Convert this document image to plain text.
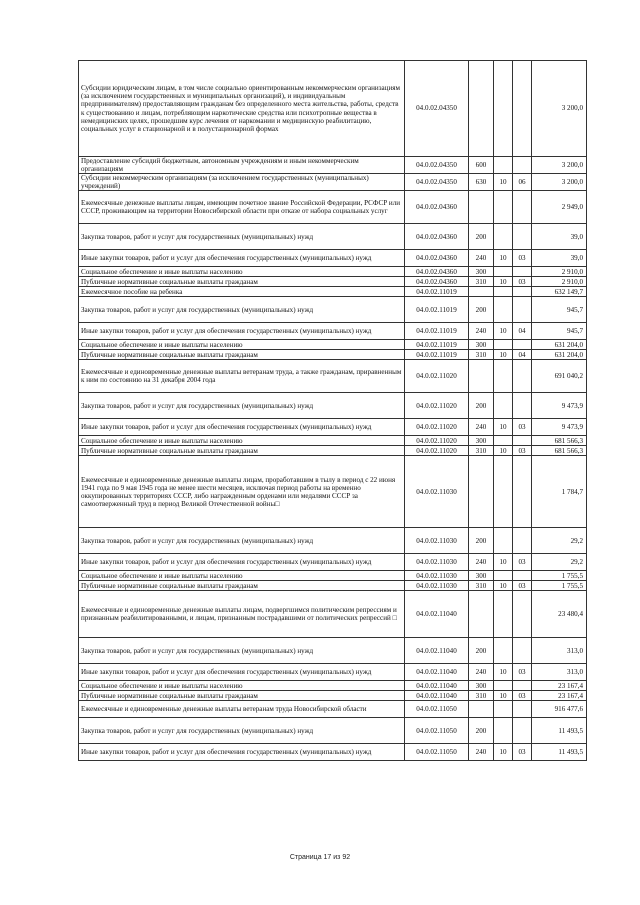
Субсидии юридическим лицам, в том числе социально ориентированным некоммерческим организациям (за исключением государственных и муниципальных организаций), и индивидуальным предпринимателям) предоставляющим гражданам без определенного места жительства, работы, средств к существованию и лицам, потребляющим наркотические средства или психотропные вещества в немедицинских целях, прошедшим курс лечения от наркомании и медицинскую реабилитацию, социальных услуг в стационарной и в полустационарной формах	04.0.02.04350				3 200,0
Предоставление субсидий бюджетным, автономным учреждениям и иным некоммерческим организациям	04.0.02.04350	600			3 200,0
Субсидии некоммерческим организациям (за исключением государственных (муниципальных) учреждений)	04.0.02.04350	630	10	06	3 200,0
Ежемесячные денежные выплаты лицам, имеющим почетное звание Российской Федерации, РСФСР или СССР, проживающим на территории Новосибирской области при отказе от набора социальных услуг	04.0.02.04360				2 949,0
Закупка товаров, работ и услуг для государственных (муниципальных) нужд	04.0.02.04360	200			39,0
Иные закупки товаров, работ и услуг для обеспечения государственных (муниципальных) нужд	04.0.02.04360	240	10	03	39,0
Социальное обеспечение и иные выплаты населению	04.0.02.04360	300			2 910,0
Публичные нормативные социальные выплаты гражданам	04.0.02.04360	310	10	03	2 910,0
Ежемесячное пособие на ребенка	04.0.02.11019				632 149,7
Закупка товаров, работ и услуг для государственных (муниципальных) нужд	04.0.02.11019	200			945,7
Иные закупки товаров, работ и услуг для обеспечения государственных (муниципальных) нужд	04.0.02.11019	240	10	04	945,7
Социальное обеспечение и иные выплаты населению	04.0.02.11019	300			631 204,0
Публичные нормативные социальные выплаты гражданам	04.0.02.11019	310	10	04	631 204,0
Ежемесячные и единовременные денежные выплаты ветеранам труда, а также гражданам, приравненным к ним по состоянию на 31 декабря 2004 года	04.0.02.11020				691 040,2
Закупка товаров, работ и услуг для государственных (муниципальных) нужд	04.0.02.11020	200			9 473,9
Иные закупки товаров, работ и услуг для обеспечения государственных (муниципальных) нужд	04.0.02.11020	240	10	03	9 473,9
Социальное обеспечение и иные выплаты населению	04.0.02.11020	300			681 566,3
Публичные нормативные социальные выплаты гражданам	04.0.02.11020	310	10	03	681 566,3
Ежемесячные и единовременные денежные выплаты лицам, проработавшим в тылу в период с 22 июня 1941 года по 9 мая 1945 года не менее шести месяцев, исключая период работы на временно оккупированных территориях СССР, либо награжденным орденами или медалями СССР за самоотверженный труд в период Великой Отечественной войны□	04.0.02.11030				1 784,7
Закупка товаров, работ и услуг для государственных (муниципальных) нужд	04.0.02.11030	200			29,2
Иные закупки товаров, работ и услуг для обеспечения государственных (муниципальных) нужд	04.0.02.11030	240	10	03	29,2
Социальное обеспечение и иные выплаты населению	04.0.02.11030	300			1 755,5
Публичные нормативные социальные выплаты гражданам	04.0.02.11030	310	10	03	1 755,5
Ежемесячные и единовременные денежные выплаты лицам, подвергшимся политическим репрессиям и признанным реабилитированными, и лицам, признанным пострадавшими от политических репрессий □	04.0.02.11040				23 480,4
Закупка товаров, работ и услуг для государственных (муниципальных) нужд	04.0.02.11040	200			313,0
Иные закупки товаров, работ и услуг для обеспечения государственных (муниципальных) нужд	04.0.02.11040	240	10	03	313,0
Социальное обеспечение и иные выплаты населению	04.0.02.11040	300			23 167,4
Публичные нормативные социальные выплаты гражданам	04.0.02.11040	310	10	03	23 167,4
Ежемесячные и единовременные денежные выплаты ветеранам труда Новосибирской области	04.0.02.11050				916 477,6
Закупка товаров, работ и услуг для государственных (муниципальных) нужд	04.0.02.11050	200			11 493,5
Иные закупки товаров, работ и услуг для обеспечения государственных (муниципальных) нужд	04.0.02.11050	240	10	03	11 493,5
Страница 17 из 92
